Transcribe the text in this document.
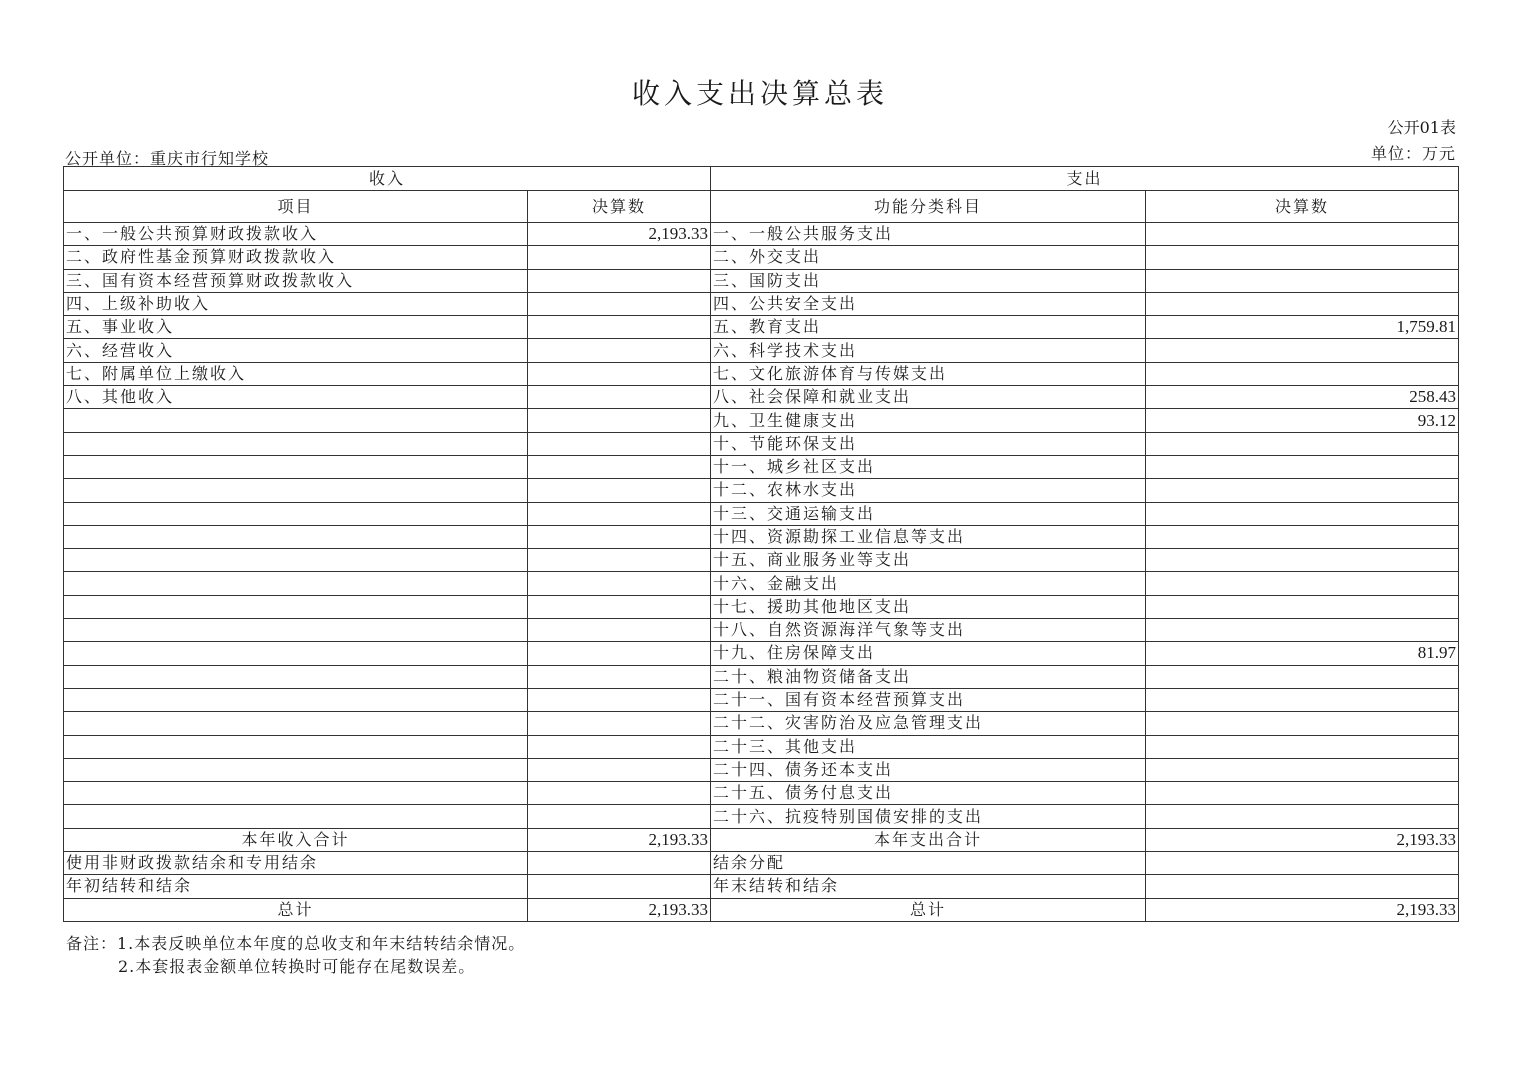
收入支出决算总表
公开01表
公开单位：重庆市行知学校	单位：万元
收入		支出	
项目	决算数	功能分类科目	决算数
一、一般公共预算财政拨款收入	2,193.33	一、一般公共服务支出	
二、政府性基金预算财政拨款收入		二、外交支出	
三、国有资本经营预算财政拨款收入		三、国防支出	
四、上级补助收入		四、公共安全支出	
五、事业收入		五、教育支出	1,759.81
六、经营收入		六、科学技术支出	
七、附属单位上缴收入		七、文化旅游体育与传媒支出	
八、其他收入		八、社会保障和就业支出	258.43
		九、卫生健康支出	93.12
		十、节能环保支出	
		十一、城乡社区支出	
		十二、农林水支出	
		十三、交通运输支出	
		十四、资源勘探工业信息等支出	
		十五、商业服务业等支出	
		十六、金融支出	
		十七、援助其他地区支出	
		十八、自然资源海洋气象等支出	
		十九、住房保障支出	81.97
		二十、粮油物资储备支出	
		二十一、国有资本经营预算支出	
		二十二、灾害防治及应急管理支出	
		二十三、其他支出	
		二十四、债务还本支出	
		二十五、债务付息支出	
		二十六、抗疫特别国债安排的支出	
本年收入合计	2,193.33	本年支出合计	2,193.33
使用非财政拨款结余和专用结余		结余分配	
年初结转和结余		年末结转和结余	
总计	2,193.33	总计	2,193.33
备注：1.本表反映单位本年度的总收支和年末结转结余情况。
2.本套报表金额单位转换时可能存在尾数误差。
